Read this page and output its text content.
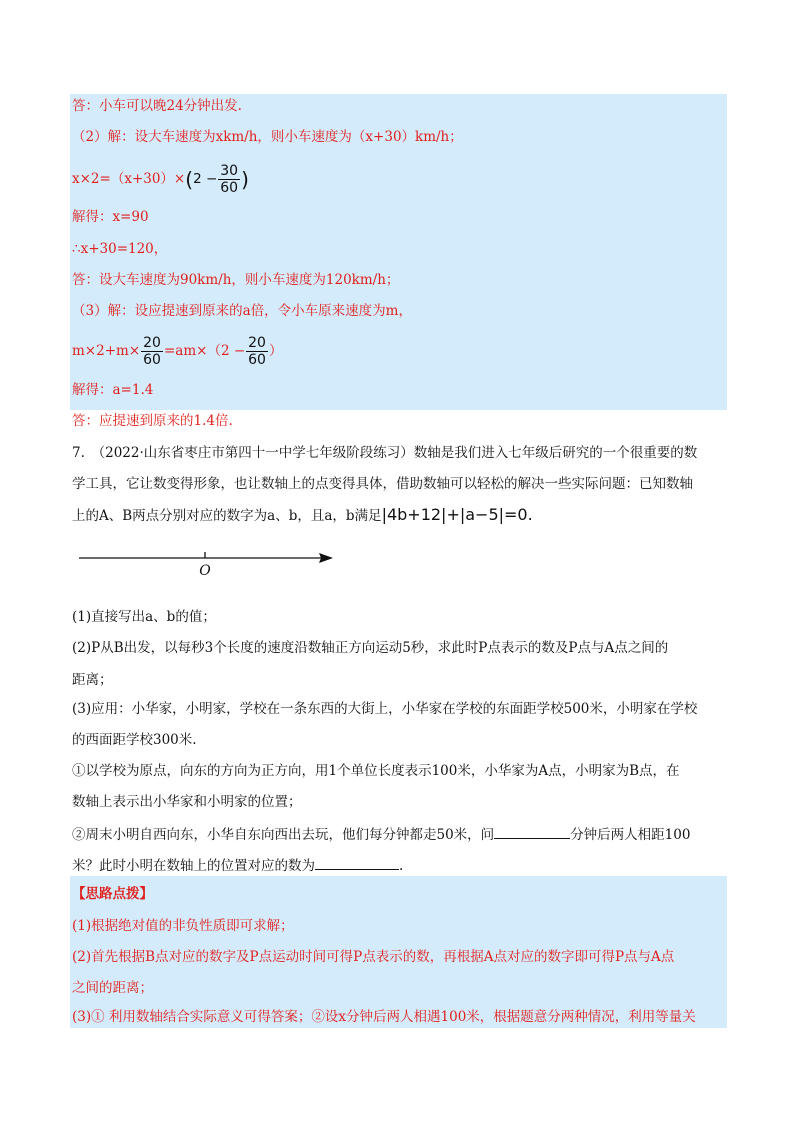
答：小车可以晚24分钟出发.
（2）解：设大车速度为xkm/h，则小车速度为（x+30）km/h；
$x\times 2=(x+30)\times(2 - \frac{30}{60}$ )
解得：x=90
∴x+30=120，
答：设大车速度为90km/h，则小车速度为120km/h；
（3）解：设应提速到原来的a倍，令小车原来速度为m，
$m\times 2+m\times \frac{20}{60} =am\times(2 - \frac{20}{60}$ ）
解得：a=1.4
答：应提速到原来的1.4倍.
7.　（2022·山东省枣庄市第四十一中学七年级阶段练习）数轴是我们进入七年级后研究的一个很重要的数
学工具，它让数变得形象，也让数轴上的点变得具体，借助数轴可以轻松的解决一些实际问题：已知数轴
上的A、B两点分别对应的数字为a、b，且a，b满足|4b+12|+|a−5|=0.
O
(1)直接写出a、b的值；
(2)P从B出发，以每秒3个长度的速度沿数轴正方向运动5秒，求此时P点表示的数及P点与A点之间的
距离；
(3)应用：小华家，小明家，学校在一条东西的大街上，小华家在学校的东面距学校500米，小明家在学校
的西面距学校300米.
①以学校为原点，向东的方向为正方向，用1个单位长度表示100米，小华家为A点，小明家为B点，在
数轴上表示出小华家和小明家的位置；
②周末小明自西向东，小华自东向西出去玩，他们每分钟都走50米，问	分钟后两人相距100
米？此时小明在数轴上的位置对应的数为	.
【思路点拨】
(1)根据绝对值的非负性质即可求解；
(2)首先根据B点对应的数字及P点运动时间可得P点表示的数，再根据A点对应的数字即可得P点与A点
之间的距离；
(3)① 利用数轴结合实际意义可得答案；②设x分钟后两人相遇100米，根据题意分两种情况，利用等量关
